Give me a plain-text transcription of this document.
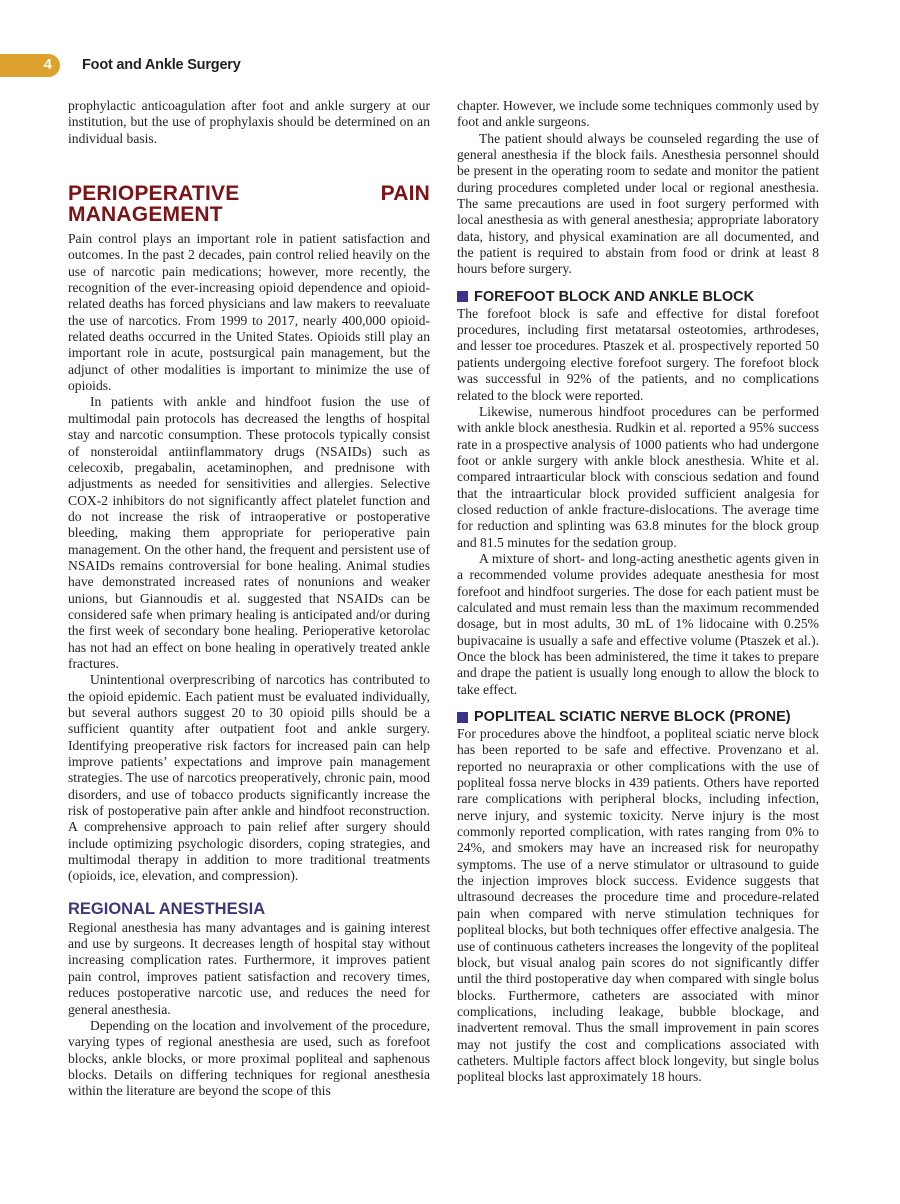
4 Foot and Ankle Surgery

prophylactic anticoagulation after foot and ankle surgery at our institution, but the use of prophylaxis should be determined on an individual basis.

PERIOPERATIVE PAIN MANAGEMENT

Pain control plays an important role in patient satisfaction and outcomes. In the past 2 decades, pain control relied heavily on the use of narcotic pain medications; however, more recently, the recognition of the ever-increasing opioid dependence and opioid-related deaths has forced physicians and law makers to reevaluate the use of narcotics. From 1999 to 2017, nearly 400,000 opioid-related deaths occurred in the United States. Opioids still play an important role in acute, postsurgical pain management, but the adjunct of other modalities is important to minimize the use of opioids.

In patients with ankle and hindfoot fusion the use of multimodal pain protocols has decreased the lengths of hospital stay and narcotic consumption. These protocols typically consist of nonsteroidal antiinflammatory drugs (NSAIDs) such as celecoxib, pregabalin, acetaminophen, and prednisone with adjustments as needed for sensitivities and allergies. Selective COX-2 inhibitors do not significantly affect platelet function and do not increase the risk of intraoperative or postoperative bleeding, making them appropriate for perioperative pain management. On the other hand, the frequent and persistent use of NSAIDs remains controversial for bone healing. Animal studies have demonstrated increased rates of nonunions and weaker unions, but Giannoudis et al. suggested that NSAIDs can be considered safe when primary healing is anticipated and/or during the first week of secondary bone healing. Perioperative ketorolac has not had an effect on bone healing in operatively treated ankle fractures.

Unintentional overprescribing of narcotics has contributed to the opioid epidemic. Each patient must be evaluated individually, but several authors suggest 20 to 30 opioid pills should be a sufficient quantity after outpatient foot and ankle surgery. Identifying preoperative risk factors for increased pain can help improve patients’ expectations and improve pain management strategies. The use of narcotics preoperatively, chronic pain, mood disorders, and use of tobacco products significantly increase the risk of postoperative pain after ankle and hindfoot reconstruction. A comprehensive approach to pain relief after surgery should include optimizing psychologic disorders, coping strategies, and multimodal therapy in addition to more traditional treatments (opioids, ice, elevation, and compression).

REGIONAL ANESTHESIA

Regional anesthesia has many advantages and is gaining interest and use by surgeons. It decreases length of hospital stay without increasing complication rates. Furthermore, it improves patient pain control, improves patient satisfaction and recovery times, reduces postoperative narcotic use, and reduces the need for general anesthesia.

Depending on the location and involvement of the procedure, varying types of regional anesthesia are used, such as forefoot blocks, ankle blocks, or more proximal popliteal and saphenous blocks. Details on differing techniques for regional anesthesia within the literature are beyond the scope of this

chapter. However, we include some techniques commonly used by foot and ankle surgeons.

The patient should always be counseled regarding the use of general anesthesia if the block fails. Anesthesia personnel should be present in the operating room to sedate and monitor the patient during procedures completed under local or regional anesthesia. The same precautions are used in foot surgery performed with local anesthesia as with general anesthesia; appropriate laboratory data, history, and physical examination are all documented, and the patient is required to abstain from food or drink at least 8 hours before surgery.

FOREFOOT BLOCK AND ANKLE BLOCK

The forefoot block is safe and effective for distal forefoot procedures, including first metatarsal osteotomies, arthrodeses, and lesser toe procedures. Ptaszek et al. prospectively reported 50 patients undergoing elective forefoot surgery. The forefoot block was successful in 92% of the patients, and no complications related to the block were reported.

Likewise, numerous hindfoot procedures can be performed with ankle block anesthesia. Rudkin et al. reported a 95% success rate in a prospective analysis of 1000 patients who had undergone foot or ankle surgery with ankle block anesthesia. White et al. compared intraarticular block with conscious sedation and found that the intraarticular block provided sufficient analgesia for closed reduction of ankle fracture-dislocations. The average time for reduction and splinting was 63.8 minutes for the block group and 81.5 minutes for the sedation group.

A mixture of short- and long-acting anesthetic agents given in a recommended volume provides adequate anesthesia for most forefoot and hindfoot surgeries. The dose for each patient must be calculated and must remain less than the maximum recommended dosage, but in most adults, 30 mL of 1% lidocaine with 0.25% bupivacaine is usually a safe and effective volume (Ptaszek et al.). Once the block has been administered, the time it takes to prepare and drape the patient is usually long enough to allow the block to take effect.

POPLITEAL SCIATIC NERVE BLOCK (PRONE)

For procedures above the hindfoot, a popliteal sciatic nerve block has been reported to be safe and effective. Provenzano et al. reported no neurapraxia or other complications with the use of popliteal fossa nerve blocks in 439 patients. Others have reported rare complications with peripheral blocks, including infection, nerve injury, and systemic toxicity. Nerve injury is the most commonly reported complication, with rates ranging from 0% to 24%, and smokers may have an increased risk for neuropathy symptoms. The use of a nerve stimulator or ultrasound to guide the injection improves block success. Evidence suggests that ultrasound decreases the procedure time and procedure-related pain when compared with nerve stimulation techniques for popliteal blocks, but both techniques offer effective analgesia. The use of continuous catheters increases the longevity of the popliteal block, but visual analog pain scores do not significantly differ until the third postoperative day when compared with single bolus blocks. Furthermore, catheters are associated with minor complications, including leakage, bubble blockage, and inadvertent removal. Thus the small improvement in pain scores may not justify the cost and complications associated with catheters. Multiple factors affect block longevity, but single bolus popliteal blocks last approximately 18 hours.
